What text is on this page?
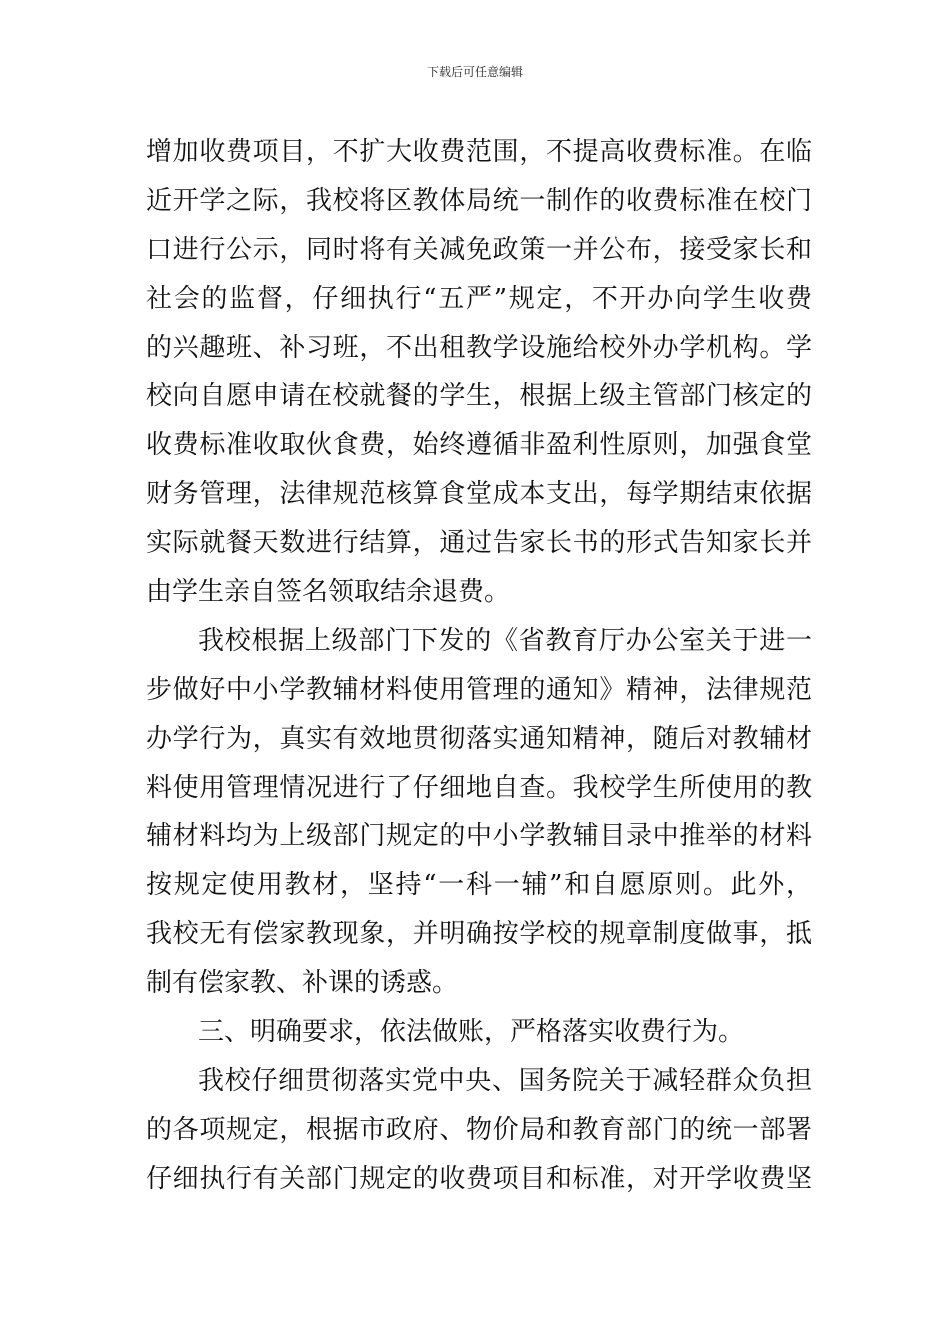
下载后可任意编辑
增加收费项目，不扩大收费范围，不提高收费标准。在临
近开学之际，我校将区教体局统一制作的收费标准在校门
口进行公示，同时将有关减免政策一并公布，接受家长和
社会的监督，仔细执行“五严”规定，不开办向学生收费
的兴趣班、补习班，不出租教学设施给校外办学机构。学
校向自愿申请在校就餐的学生，根据上级主管部门核定的
收费标准收取伙食费，始终遵循非盈利性原则，加强食堂
财务管理，法律规范核算食堂成本支出，每学期结束依据
实际就餐天数进行结算，通过告家长书的形式告知家长并
由学生亲自签名领取结余退费。
我校根据上级部门下发的《省教育厅办公室关于进一
步做好中小学教辅材料使用管理的通知》精神，法律规范
办学行为，真实有效地贯彻落实通知精神，随后对教辅材
料使用管理情况进行了仔细地自查。我校学生所使用的教
辅材料均为上级部门规定的中小学教辅目录中推举的材料
按规定使用教材，坚持“一科一辅”和自愿原则。此外，
我校无有偿家教现象，并明确按学校的规章制度做事，抵
制有偿家教、补课的诱惑。
三、明确要求，依法做账，严格落实收费行为。
我校仔细贯彻落实党中央、国务院关于减轻群众负担
的各项规定，根据市政府、物价局和教育部门的统一部署
仔细执行有关部门规定的收费项目和标准，对开学收费坚
